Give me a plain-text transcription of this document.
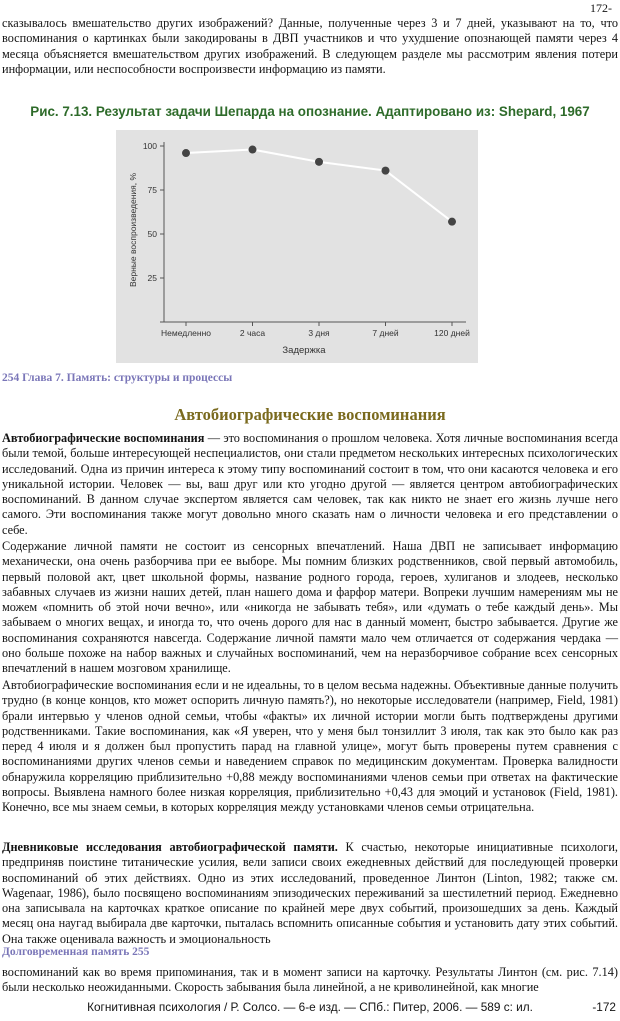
172-

сказывалось вмешательство других изображений? Данные, полученные через 3 и 7 дней, указывают на то, что воспоминания о картинках были закодированы в ДВП участников и что ухудшение опознающей памяти через 4 месяца объясняется вмешательством других изображений. В следующем разделе мы рассмотрим явления потери информации, или неспособности воспроизвести информацию из памяти.

Рис. 7.13. Результат задачи Шепарда на опознание. Адаптировано из: Shepard, 1967
25
50
75
100
Немедленно	2 часа	3 дня	7 дней	120 дней
Задержка
Верные воспроизведения, %
254 Глава 7. Память: структуры и процессы
Автобиографические воспоминания

Автобиографические воспоминания — это воспоминания о прошлом человека. Хотя личные воспоминания всегда были темой, больше интересующей неспециалистов, они стали предметом нескольких интересных психологических исследований. Одна из причин интереса к этому типу воспоминаний состоит в том, что они касаются человека и его уникальной истории. Человек — вы, ваш друг или кто угодно другой — является центром автобиографических воспоминаний. В данном случае экспертом является сам человек, так как никто не знает его жизнь лучше него самого. Эти воспоминания также могут довольно много сказать нам о личности человека и его представлении о себе.

Содержание личной памяти не состоит из сенсорных впечатлений. Наша ДВП не записывает информацию механически, она очень разборчива при ее выборе. Мы помним близких родственников, свой первый автомобиль, первый половой акт, цвет школьной формы, название родного города, героев, хулиганов и злодеев, несколько забавных случаев из жизни наших детей, план нашего дома и фарфор матери. Вопреки лучшим намерениям мы не можем «помнить об этой ночи вечно», или «никогда не забывать тебя», или «думать о тебе каждый день». Мы забываем о многих вещах, и иногда то, что очень дорого для нас в данный момент, быстро забывается. Другие же воспоминания сохраняются навсегда. Содержание личной памяти мало чем отличается от содержания чердака — оно больше похоже на набор важных и случайных воспоминаний, чем на неразборчивое собрание всех сенсорных впечатлений в нашем мозговом хранилище.

Автобиографические воспоминания если и не идеальны, то в целом весьма надежны. Объективные данные получить трудно (в конце концов, кто может оспорить личную память?), но некоторые исследователи (например, Field, 1981) брали интервью у членов одной семьи, чтобы «факты» их личной истории могли быть подтверждены другими родственниками. Такие воспоминания, как «Я уверен, что у меня был тонзиллит 3 июля, так как это было как раз перед 4 июля и я должен был пропустить парад на главной улице», могут быть проверены путем сравнения с воспоминаниями других членов семьи и наведением справок по медицинским документам. Проверка валидности обнаружила корреляцию приблизительно +0,88 между воспоминаниями членов семьи при ответах на фактические вопросы. Выявлена намного более низкая корреляция, приблизительно +0,43 для эмоций и установок (Field, 1981). Конечно, все мы знаем семьи, в которых корреляция между установками членов семьи отрицательна.

Дневниковые исследования автобиографической памяти. К счастью, некоторые инициативные психологи, предприняв поистине титанические усилия, вели записи своих ежедневных действий для последующей проверки воспоминаний об этих действиях. Одно из этих исследований, проведенное Линтон (Linton, 1982; также см. Wagenaar, 1986), было посвящено воспоминаниям эпизодических переживаний за шестилетний период. Ежедневно она записывала на карточках краткое описание по крайней мере двух событий, произошедших за день. Каждый месяц она наугад выбирала две карточки, пыталась вспомнить описанные события и установить дату этих событий. Она также оценивала важность и эмоциональность

Долговременная память 255

воспоминаний как во время припоминания, так и в момент записи на карточку. Результаты Линтон (см. рис. 7.14) были несколько неожиданными. Скорость забывания была линейной, а не криволинейной, как многие

Когнитивная психология / Р. Солсо. — 6-е изд. — СПб.: Питер, 2006. — 589 с: ил.	-172
